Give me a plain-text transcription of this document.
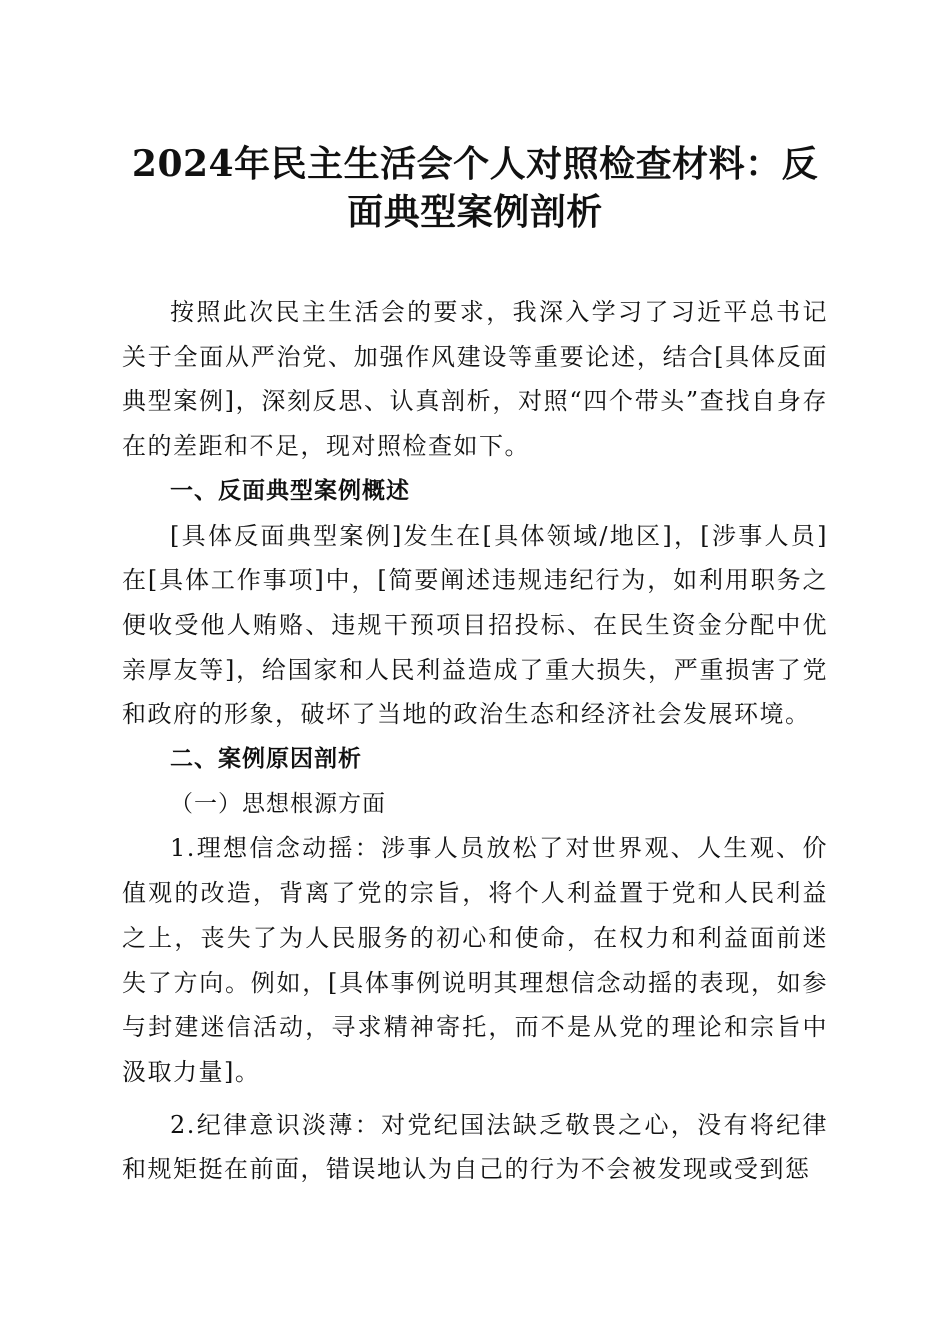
2024年民主生活会个人对照检查材料：反面典型案例剖析

按照此次民主生活会的要求，我深入学习了习近平总书记关于全面从严治党、加强作风建设等重要论述，结合[具体反面典型案例]，深刻反思、认真剖析，对照“四个带头”查找自身存在的差距和不足，现对照检查如下。

一、反面典型案例概述

[具体反面典型案例]发生在[具体领域/地区]，[涉事人员]在[具体工作事项]中，[简要阐述违规违纪行为，如利用职务之便收受他人贿赂、违规干预项目招投标、在民生资金分配中优亲厚友等]，给国家和人民利益造成了重大损失，严重损害了党和政府的形象，破坏了当地的政治生态和经济社会发展环境。

二、案例原因剖析

（一）思想根源方面

1.理想信念动摇：涉事人员放松了对世界观、人生观、价值观的改造，背离了党的宗旨，将个人利益置于党和人民利益之上，丧失了为人民服务的初心和使命，在权力和利益面前迷失了方向。例如，[具体事例说明其理想信念动摇的表现，如参与封建迷信活动，寻求精神寄托，而不是从党的理论和宗旨中汲取力量]。

2.纪律意识淡薄：对党纪国法缺乏敬畏之心，没有将纪律和规矩挺在前面，错误地认为自己的行为不会被发现或受到惩
